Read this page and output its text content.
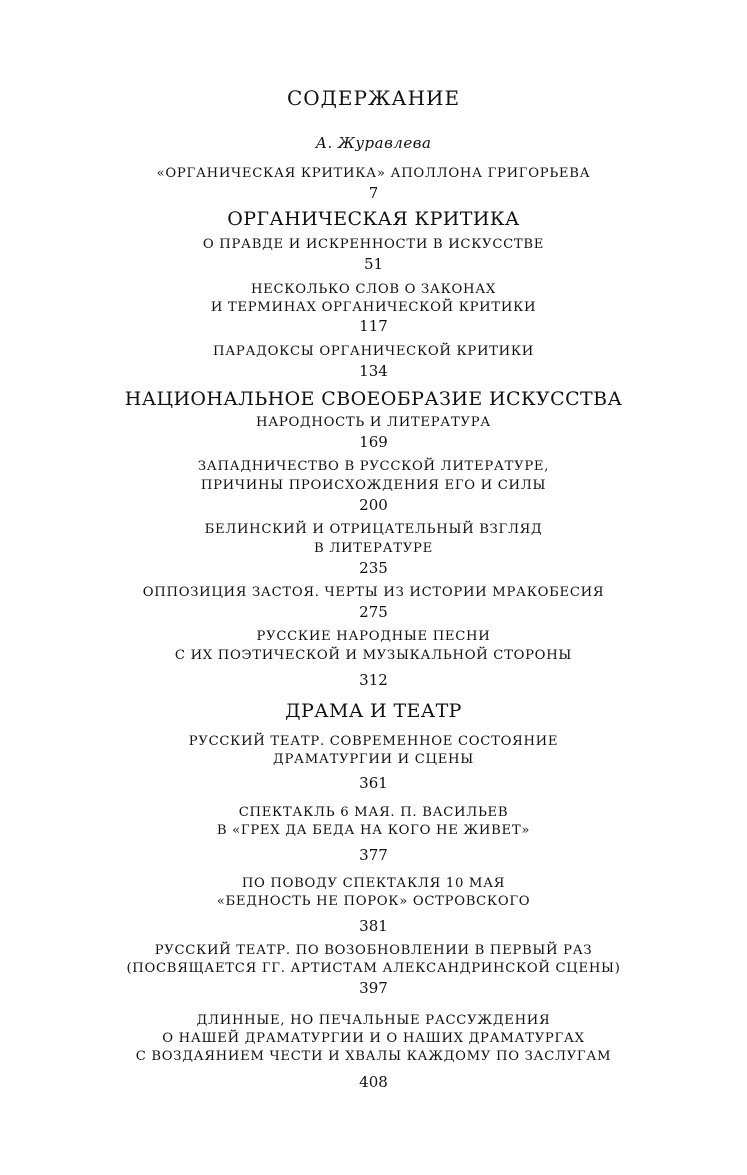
СОДЕРЖАНИЕ
А. Журавлева
«ОРГАНИЧЕСКАЯ КРИТИКА» АПОЛЛОНА ГРИГОРЬЕВА
7
ОРГАНИЧЕСКАЯ КРИТИКА
О ПРАВДЕ И ИСКРЕННОСТИ В ИСКУССТВЕ
51
НЕСКОЛЬКО СЛОВ О ЗАКОНАХ
И ТЕРМИНАХ ОРГАНИЧЕСКОЙ КРИТИКИ
117
ПАРАДОКСЫ ОРГАНИЧЕСКОЙ КРИТИКИ
134
НАЦИОНАЛЬНОЕ СВОЕОБРАЗИЕ ИСКУССТВА
НАРОДНОСТЬ И ЛИТЕРАТУРА
169
ЗАПАДНИЧЕСТВО В РУССКОЙ ЛИТЕРАТУРЕ,
ПРИЧИНЫ ПРОИСХОЖДЕНИЯ ЕГО И СИЛЫ
200
БЕЛИНСКИЙ И ОТРИЦАТЕЛЬНЫЙ ВЗГЛЯД
В ЛИТЕРАТУРЕ
235
ОППОЗИЦИЯ ЗАСТОЯ. ЧЕРТЫ ИЗ ИСТОРИИ МРАКОБЕСИЯ
275
РУССКИЕ НАРОДНЫЕ ПЕСНИ
С ИХ ПОЭТИЧЕСКОЙ И МУЗЫКАЛЬНОЙ СТОРОНЫ
312
ДРАМА И ТЕАТР
РУССКИЙ ТЕАТР. СОВРЕМЕННОЕ СОСТОЯНИЕ
ДРАМАТУРГИИ И СЦЕНЫ
361
СПЕКТАКЛЬ 6 МАЯ. П. ВАСИЛЬЕВ
В «ГРЕХ ДА БЕДА НА КОГО НЕ ЖИВЕТ»
377
ПО ПОВОДУ СПЕКТАКЛЯ 10 МАЯ
«БЕДНОСТЬ НЕ ПОРОК» ОСТРОВСКОГО
381
РУССКИЙ ТЕАТР. ПО ВОЗОБНОВЛЕНИИ В ПЕРВЫЙ РАЗ
(ПОСВЯЩАЕТСЯ ГГ. АРТИСТАМ АЛЕКСАНДРИНСКОЙ СЦЕНЫ)
397
ДЛИННЫЕ, НО ПЕЧАЛЬНЫЕ РАССУЖДЕНИЯ
О НАШЕЙ ДРАМАТУРГИИ И О НАШИХ ДРАМАТУРГАХ
С ВОЗДАЯНИЕМ ЧЕСТИ И ХВАЛЫ КАЖДОМУ ПО ЗАСЛУГАМ
408
